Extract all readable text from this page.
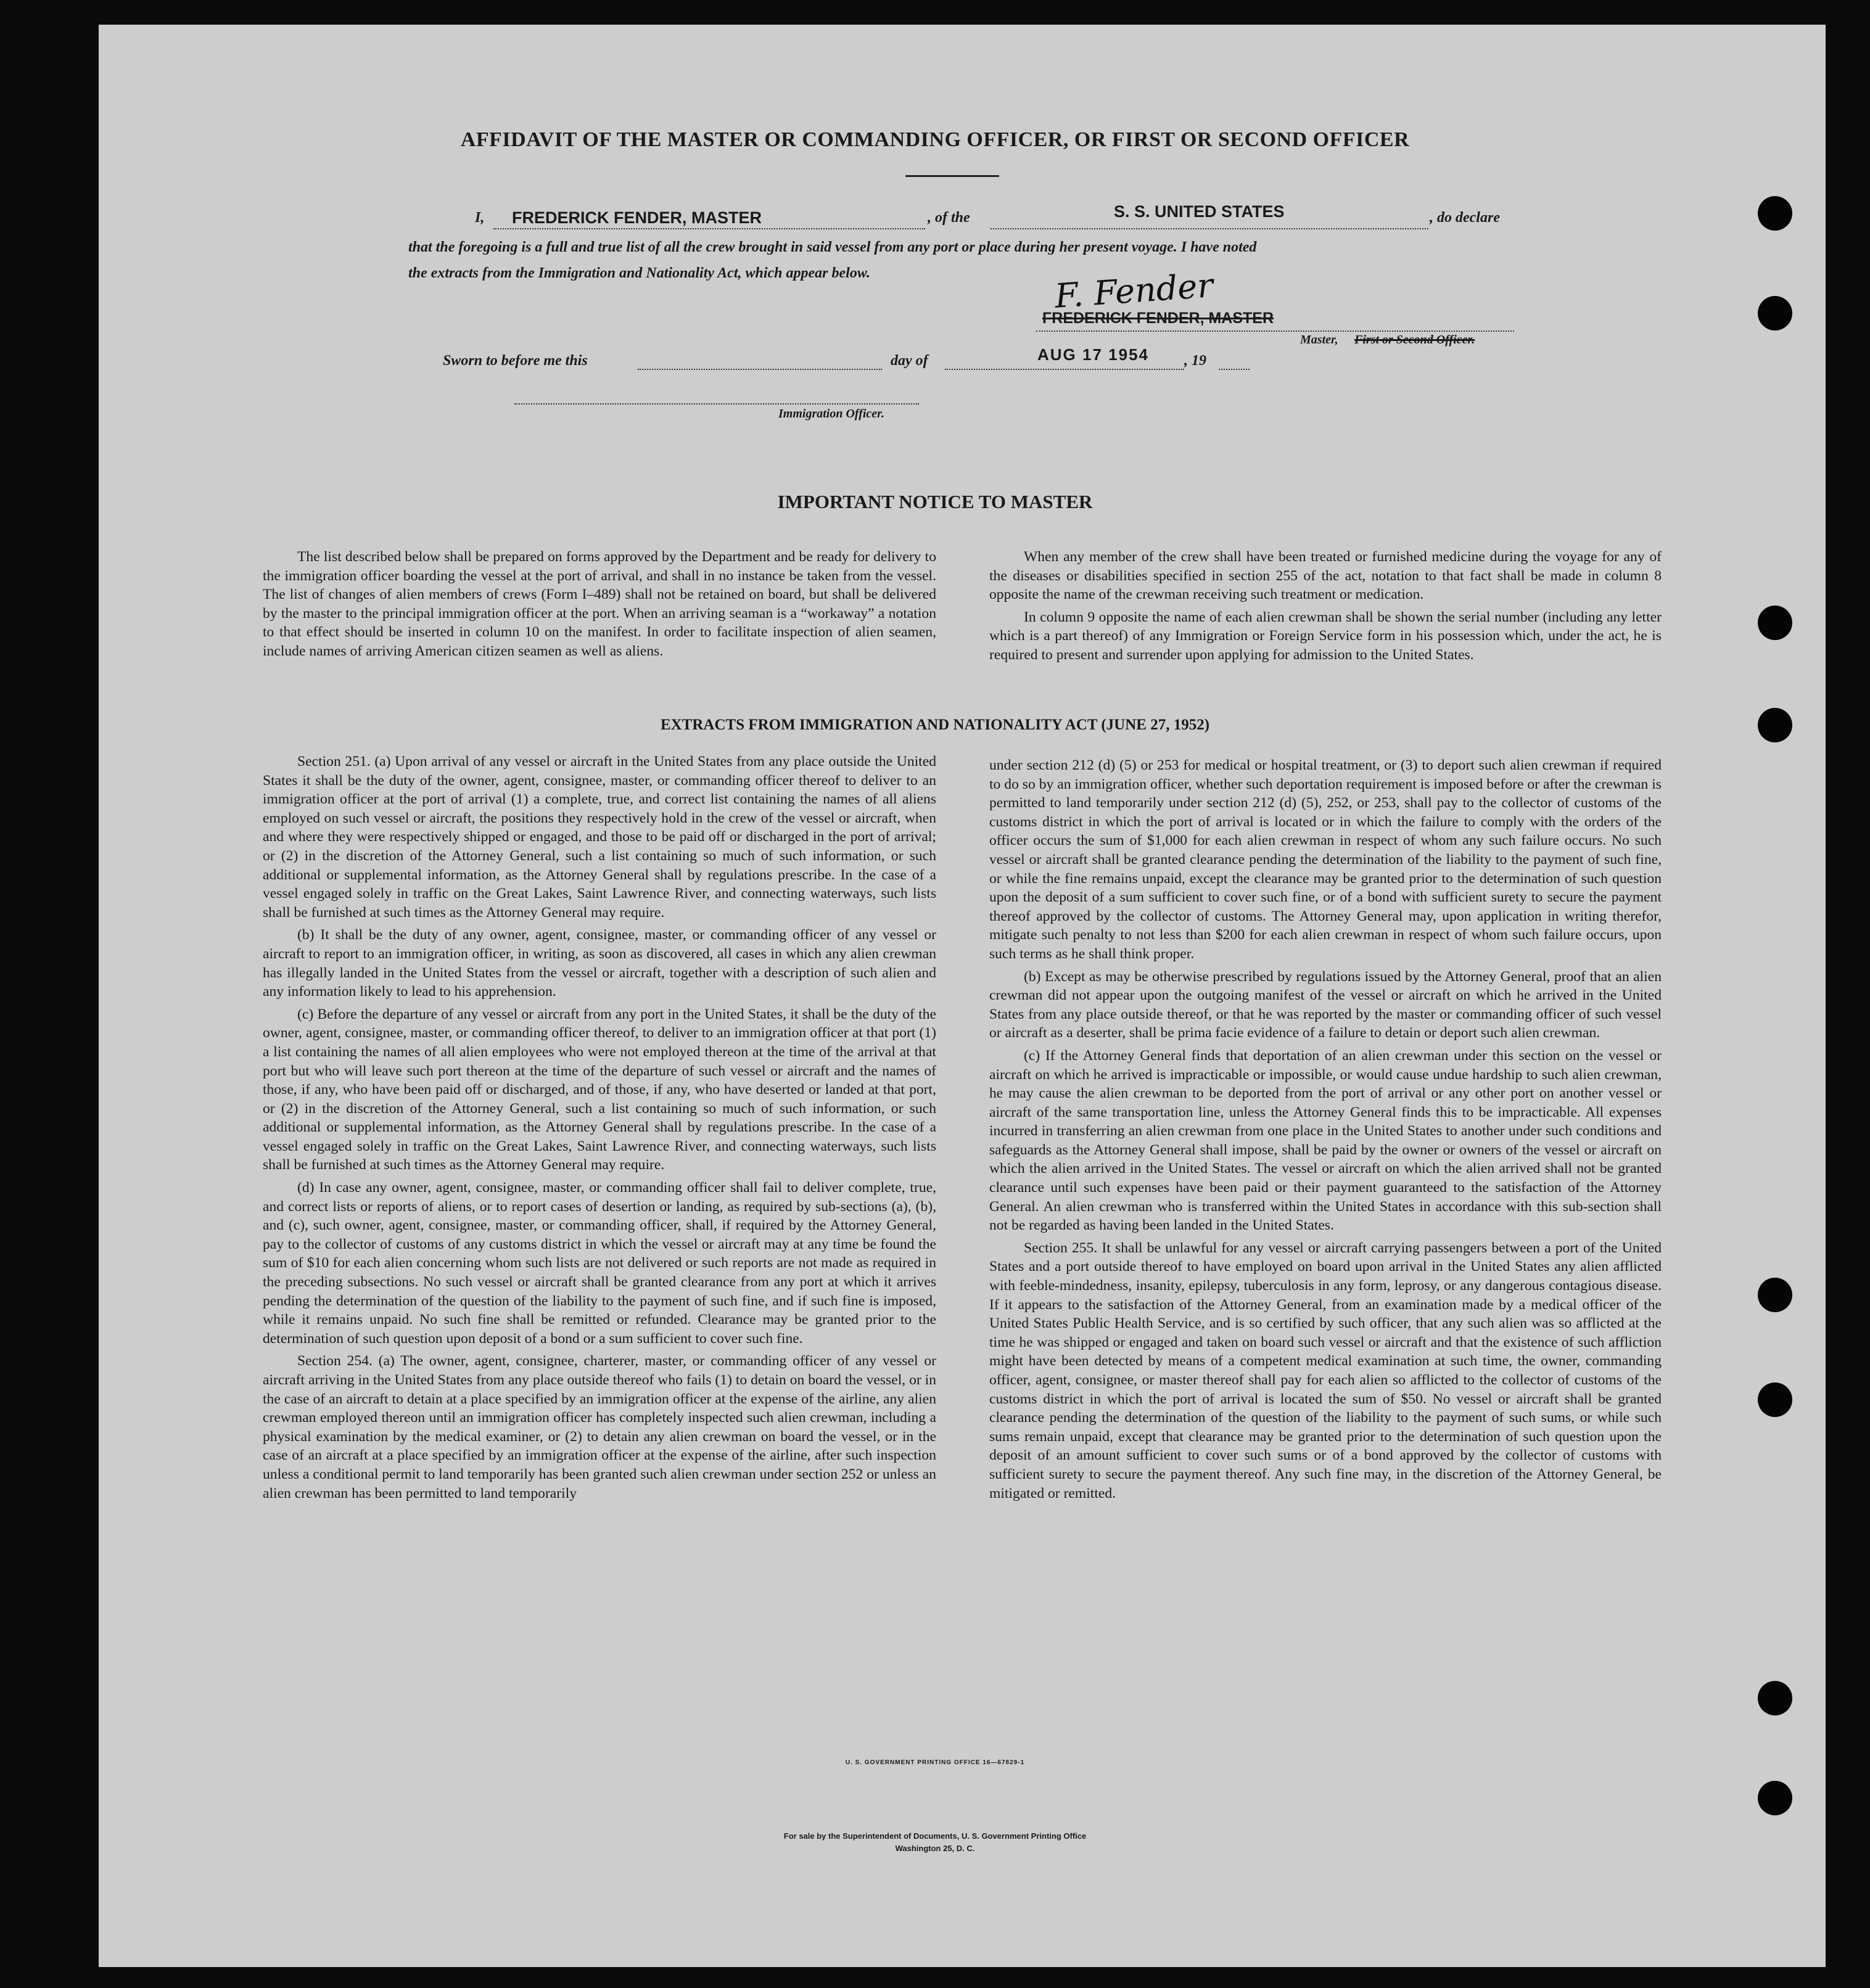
AFFIDAVIT OF THE MASTER OR COMMANDING OFFICER, OR FIRST OR SECOND OFFICER
I, FREDERICK FENDER, MASTER	, of the	S. S. UNITED STATES	, do declare
that the foregoing is a full and true list of all the crew brought in said vessel from any port or place during her present voyage. I have noted
the extracts from the Immigration and Nationality Act, which appear below.	F. Fender
FREDERICK FENDER, MASTER
Master, First or Second Officer.
Sworn to before me this	day of	AUG 17 1954 , 19
Immigration Officer.
IMPORTANT NOTICE TO MASTER

The list described below shall be prepared on forms approved by the Department and be ready for delivery to the immigration officer boarding the vessel at the port of arrival, and shall in no instance be taken from the vessel. The list of changes of alien members of crews (Form I–489) shall not be retained on board, but shall be delivered by the master to the principal immigration officer at the port. When an arriving seaman is a “workaway” a notation to that effect should be inserted in column 10 on the manifest. In order to facilitate inspection of alien seamen, include names of arriving American citizen seamen as well as aliens.

When any member of the crew shall have been treated or furnished medicine during the voyage for any of the diseases or disabilities specified in section 255 of the act, notation to that fact shall be made in column 8 opposite the name of the crewman receiving such treatment or medication.

In column 9 opposite the name of each alien crewman shall be shown the serial number (including any letter which is a part thereof) of any Immigration or Foreign Service form in his possession which, under the act, he is required to present and surrender upon applying for admission to the United States.

EXTRACTS FROM IMMIGRATION AND NATIONALITY ACT (JUNE 27, 1952)

Section 251. (a) Upon arrival of any vessel or aircraft in the United States from any place outside the United States it shall be the duty of the owner, agent, consignee, master, or commanding officer thereof to deliver to an immigration officer at the port of arrival (1) a complete, true, and correct list containing the names of all aliens employed on such vessel or aircraft, the positions they respectively hold in the crew of the vessel or aircraft, when and where they were respectively shipped or engaged, and those to be paid off or discharged in the port of arrival; or (2) in the discretion of the Attorney General, such a list containing so much of such information, or such additional or supplemental information, as the Attorney General shall by regulations prescribe. In the case of a vessel engaged solely in traffic on the Great Lakes, Saint Lawrence River, and connecting waterways, such lists shall be furnished at such times as the Attorney General may require.

(b) It shall be the duty of any owner, agent, consignee, master, or commanding officer of any vessel or aircraft to report to an immigration officer, in writing, as soon as discovered, all cases in which any alien crewman has illegally landed in the United States from the vessel or aircraft, together with a description of such alien and any information likely to lead to his apprehension.

(c) Before the departure of any vessel or aircraft from any port in the United States, it shall be the duty of the owner, agent, consignee, master, or commanding officer thereof, to deliver to an immigration officer at that port (1) a list containing the names of all alien employees who were not employed thereon at the time of the arrival at that port but who will leave such port thereon at the time of the departure of such vessel or aircraft and the names of those, if any, who have been paid off or discharged, and of those, if any, who have deserted or landed at that port, or (2) in the discretion of the Attorney General, such a list containing so much of such information, or such additional or supplemental information, as the Attorney General shall by regulations prescribe. In the case of a vessel engaged solely in traffic on the Great Lakes, Saint Lawrence River, and connecting waterways, such lists shall be furnished at such times as the Attorney General may require.

(d) In case any owner, agent, consignee, master, or commanding officer shall fail to deliver complete, true, and correct lists or reports of aliens, or to report cases of desertion or landing, as required by sub-sections (a), (b), and (c), such owner, agent, consignee, master, or commanding officer, shall, if required by the Attorney General, pay to the collector of customs of any customs district in which the vessel or aircraft may at any time be found the sum of $10 for each alien concerning whom such lists are not delivered or such reports are not made as required in the preceding subsections. No such vessel or aircraft shall be granted clearance from any port at which it arrives pending the determination of the question of the liability to the payment of such fine, and if such fine is imposed, while it remains unpaid. No such fine shall be remitted or refunded. Clearance may be granted prior to the determination of such question upon deposit of a bond or a sum sufficient to cover such fine.

Section 254. (a) The owner, agent, consignee, charterer, master, or commanding officer of any vessel or aircraft arriving in the United States from any place outside thereof who fails (1) to detain on board the vessel, or in the case of an aircraft to detain at a place specified by an immigration officer at the expense of the airline, any alien crewman employed thereon until an immigration officer has completely inspected such alien crewman, including a physical examination by the medical examiner, or (2) to detain any alien crewman on board the vessel, or in the case of an aircraft at a place specified by an immigration officer at the expense of the airline, after such inspection unless a conditional permit to land temporarily has been granted such alien crewman under section 252 or unless an alien crewman has been permitted to land temporarily

under section 212 (d) (5) or 253 for medical or hospital treatment, or (3) to deport such alien crewman if required to do so by an immigration officer, whether such deportation requirement is imposed before or after the crewman is permitted to land temporarily under section 212 (d) (5), 252, or 253, shall pay to the collector of customs of the customs district in which the port of arrival is located or in which the failure to comply with the orders of the officer occurs the sum of $1,000 for each alien crewman in respect of whom any such failure occurs. No such vessel or aircraft shall be granted clearance pending the determination of the liability to the payment of such fine, or while the fine remains unpaid, except the clearance may be granted prior to the determination of such question upon the deposit of a sum sufficient to cover such fine, or of a bond with sufficient surety to secure the payment thereof approved by the collector of customs. The Attorney General may, upon application in writing therefor, mitigate such penalty to not less than $200 for each alien crewman in respect of whom such failure occurs, upon such terms as he shall think proper.

(b) Except as may be otherwise prescribed by regulations issued by the Attorney General, proof that an alien crewman did not appear upon the outgoing manifest of the vessel or aircraft on which he arrived in the United States from any place outside thereof, or that he was reported by the master or commanding officer of such vessel or aircraft as a deserter, shall be prima facie evidence of a failure to detain or deport such alien crewman.

(c) If the Attorney General finds that deportation of an alien crewman under this section on the vessel or aircraft on which he arrived is impracticable or impossible, or would cause undue hardship to such alien crewman, he may cause the alien crewman to be deported from the port of arrival or any other port on another vessel or aircraft of the same transportation line, unless the Attorney General finds this to be impracticable. All expenses incurred in transferring an alien crewman from one place in the United States to another under such conditions and safeguards as the Attorney General shall impose, shall be paid by the owner or owners of the vessel or aircraft on which the alien arrived in the United States. The vessel or aircraft on which the alien arrived shall not be granted clearance until such expenses have been paid or their payment guaranteed to the satisfaction of the Attorney General. An alien crewman who is transferred within the United States in accordance with this sub-section shall not be regarded as having been landed in the United States.

Section 255. It shall be unlawful for any vessel or aircraft carrying passengers between a port of the United States and a port outside thereof to have employed on board upon arrival in the United States any alien afflicted with feeble-mindedness, insanity, epilepsy, tuberculosis in any form, leprosy, or any dangerous contagious disease. If it appears to the satisfaction of the Attorney General, from an examination made by a medical officer of the United States Public Health Service, and is so certified by such officer, that any such alien was so afflicted at the time he was shipped or engaged and taken on board such vessel or aircraft and that the existence of such affliction might have been detected by means of a competent medical examination at such time, the owner, commanding officer, agent, consignee, or master thereof shall pay for each alien so afflicted to the collector of customs of the customs district in which the port of arrival is located the sum of $50. No vessel or aircraft shall be granted clearance pending the determination of the question of the liability to the payment of such sums, or while such sums remain unpaid, except that clearance may be granted prior to the determination of such question upon the deposit of an amount sufficient to cover such sums or of a bond approved by the collector of customs with sufficient surety to secure the payment thereof. Any such fine may, in the discretion of the Attorney General, be mitigated or remitted.

U. S. GOVERNMENT PRINTING OFFICE 16—67829-1
For sale by the Superintendent of Documents, U. S. Government Printing Office
Washington 25, D. C.
